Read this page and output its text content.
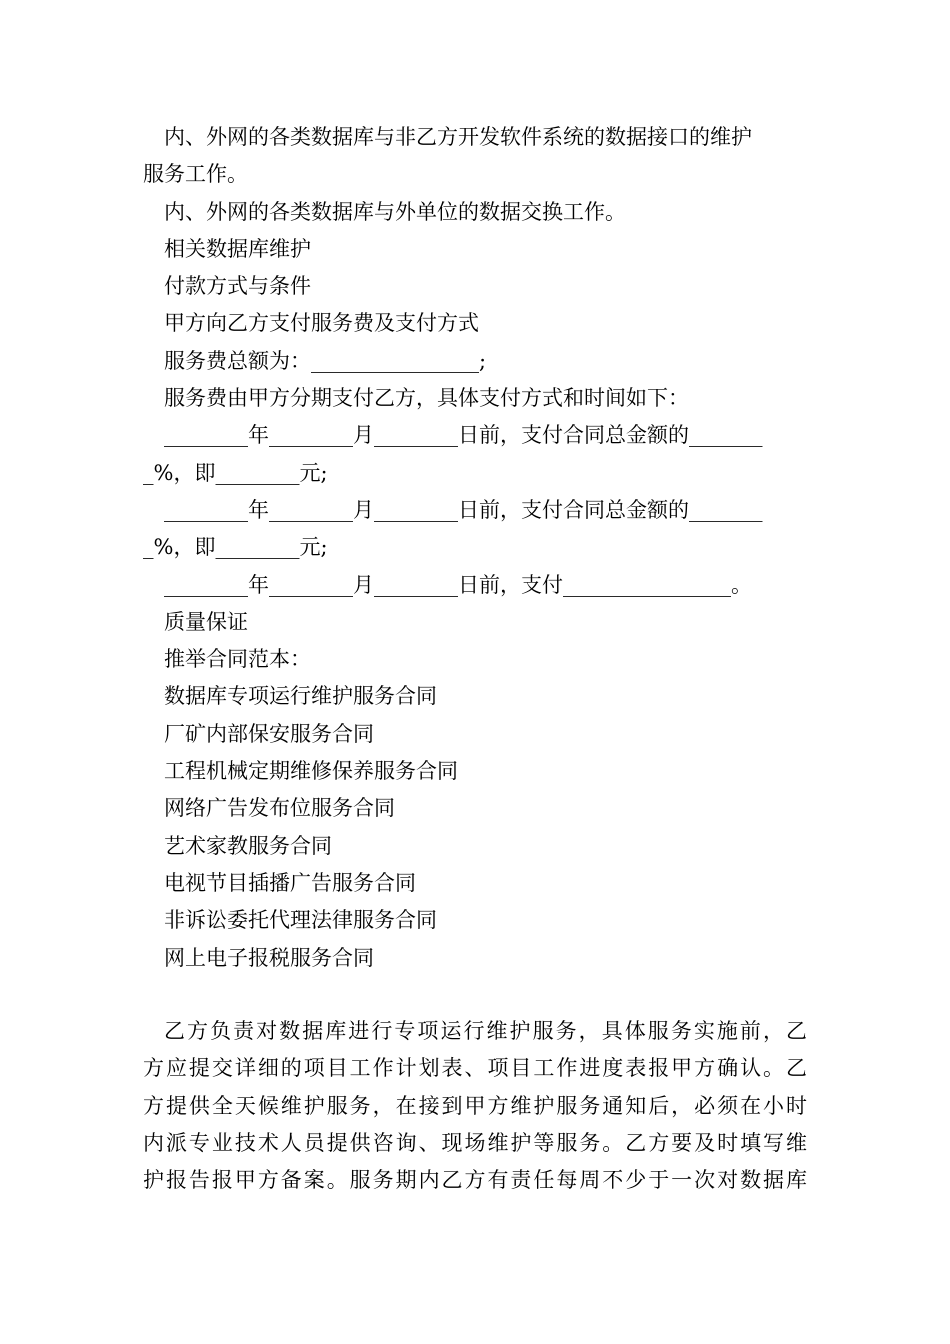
内、外网的各类数据库与非乙方开发软件系统的数据接口的维护
服务工作。
内、外网的各类数据库与外单位的数据交换工作。
相关数据库维护
付款方式与条件
甲方向乙方支付服务费及支付方式
服务费总额为：________________;
服务费由甲方分期支付乙方，具体支付方式和时间如下：
________年________月________日前，支付合同总金额的_______
_%，即________元;
________年________月________日前，支付合同总金额的_______
_%，即________元;
________年________月________日前，支付________________。
质量保证
推举合同范本：
数据库专项运行维护服务合同
厂矿内部保安服务合同
工程机械定期维修保养服务合同
网络广告发布位服务合同
艺术家教服务合同
电视节目插播广告服务合同
非诉讼委托代理法律服务合同
网上电子报税服务合同
乙方负责对数据库进行专项运行维护服务，具体服务实施前，乙
方应提交详细的项目工作计划表、项目工作进度表报甲方确认。乙
方提供全天候维护服务，在接到甲方维护服务通知后，必须在小时
内派专业技术人员提供咨询、现场维护等服务。乙方要及时填写维
护报告报甲方备案。服务期内乙方有责任每周不少于一次对数据库
